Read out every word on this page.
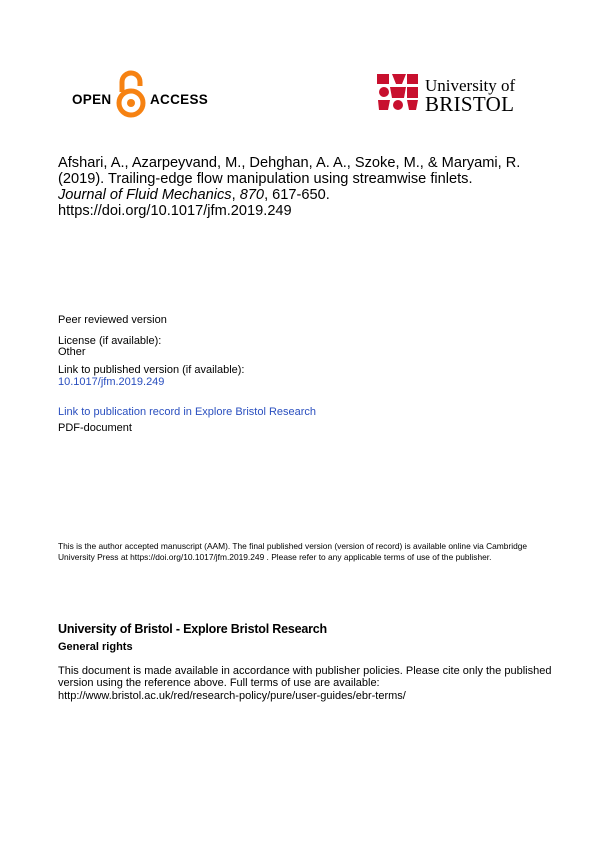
OPEN	ACCESS
University of
BRISTOL
Afshari, A., Azarpeyvand, M., Dehghan, A. A., Szoke, M., & Maryami, R. (2019). Trailing-edge flow manipulation using streamwise finlets.
Journal of Fluid Mechanics, 870, 617-650.
https://doi.org/10.1017/jfm.2019.249
Peer reviewed version
License (if available):
Other
Link to published version (if available):
10.1017/jfm.2019.249
Link to publication record in Explore Bristol Research
PDF-document
This is the author accepted manuscript (AAM). The final published version (version of record) is available online via Cambridge University Press at https://doi.org/10.1017/jfm.2019.249 . Please refer to any applicable terms of use of the publisher.
University of Bristol - Explore Bristol Research
General rights
This document is made available in accordance with publisher policies. Please cite only the published version using the reference above. Full terms of use are available: http://www.bristol.ac.uk/red/research-policy/pure/user-guides/ebr-terms/
